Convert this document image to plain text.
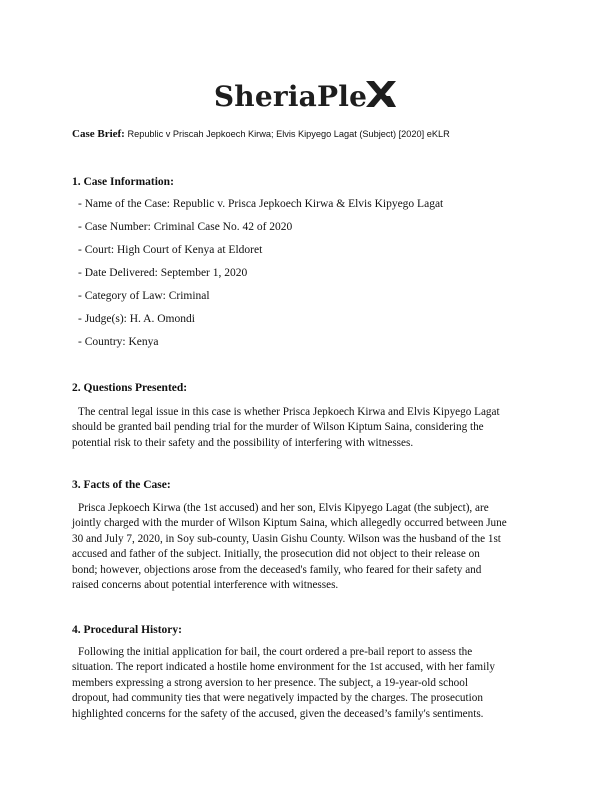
SheriaPle
Case Brief: Republic v Priscah Jepkoech Kirwa; Elvis Kipyego Lagat (Subject) [2020] eKLR
1. Case Information:
- Name of the Case: Republic v. Prisca Jepkoech Kirwa & Elvis Kipyego Lagat
- Case Number: Criminal Case No. 42 of 2020
- Court: High Court of Kenya at Eldoret
- Date Delivered: September 1, 2020
- Category of Law: Criminal
- Judge(s): H. A. Omondi
- Country: Kenya
2. Questions Presented:
The central legal issue in this case is whether Prisca Jepkoech Kirwa and Elvis Kipyego Lagat
should be granted bail pending trial for the murder of Wilson Kiptum Saina, considering the
potential risk to their safety and the possibility of interfering with witnesses.
3. Facts of the Case:
Prisca Jepkoech Kirwa (the 1st accused) and her son, Elvis Kipyego Lagat (the subject), are
jointly charged with the murder of Wilson Kiptum Saina, which allegedly occurred between June
30 and July 7, 2020, in Soy sub-county, Uasin Gishu County. Wilson was the husband of the 1st
accused and father of the subject. Initially, the prosecution did not object to their release on
bond; however, objections arose from the deceased's family, who feared for their safety and
raised concerns about potential interference with witnesses.
4. Procedural History:
Following the initial application for bail, the court ordered a pre-bail report to assess the
situation. The report indicated a hostile home environment for the 1st accused, with her family
members expressing a strong aversion to her presence. The subject, a 19-year-old school
dropout, had community ties that were negatively impacted by the charges. The prosecution
highlighted concerns for the safety of the accused, given the deceased’s family's sentiments.
